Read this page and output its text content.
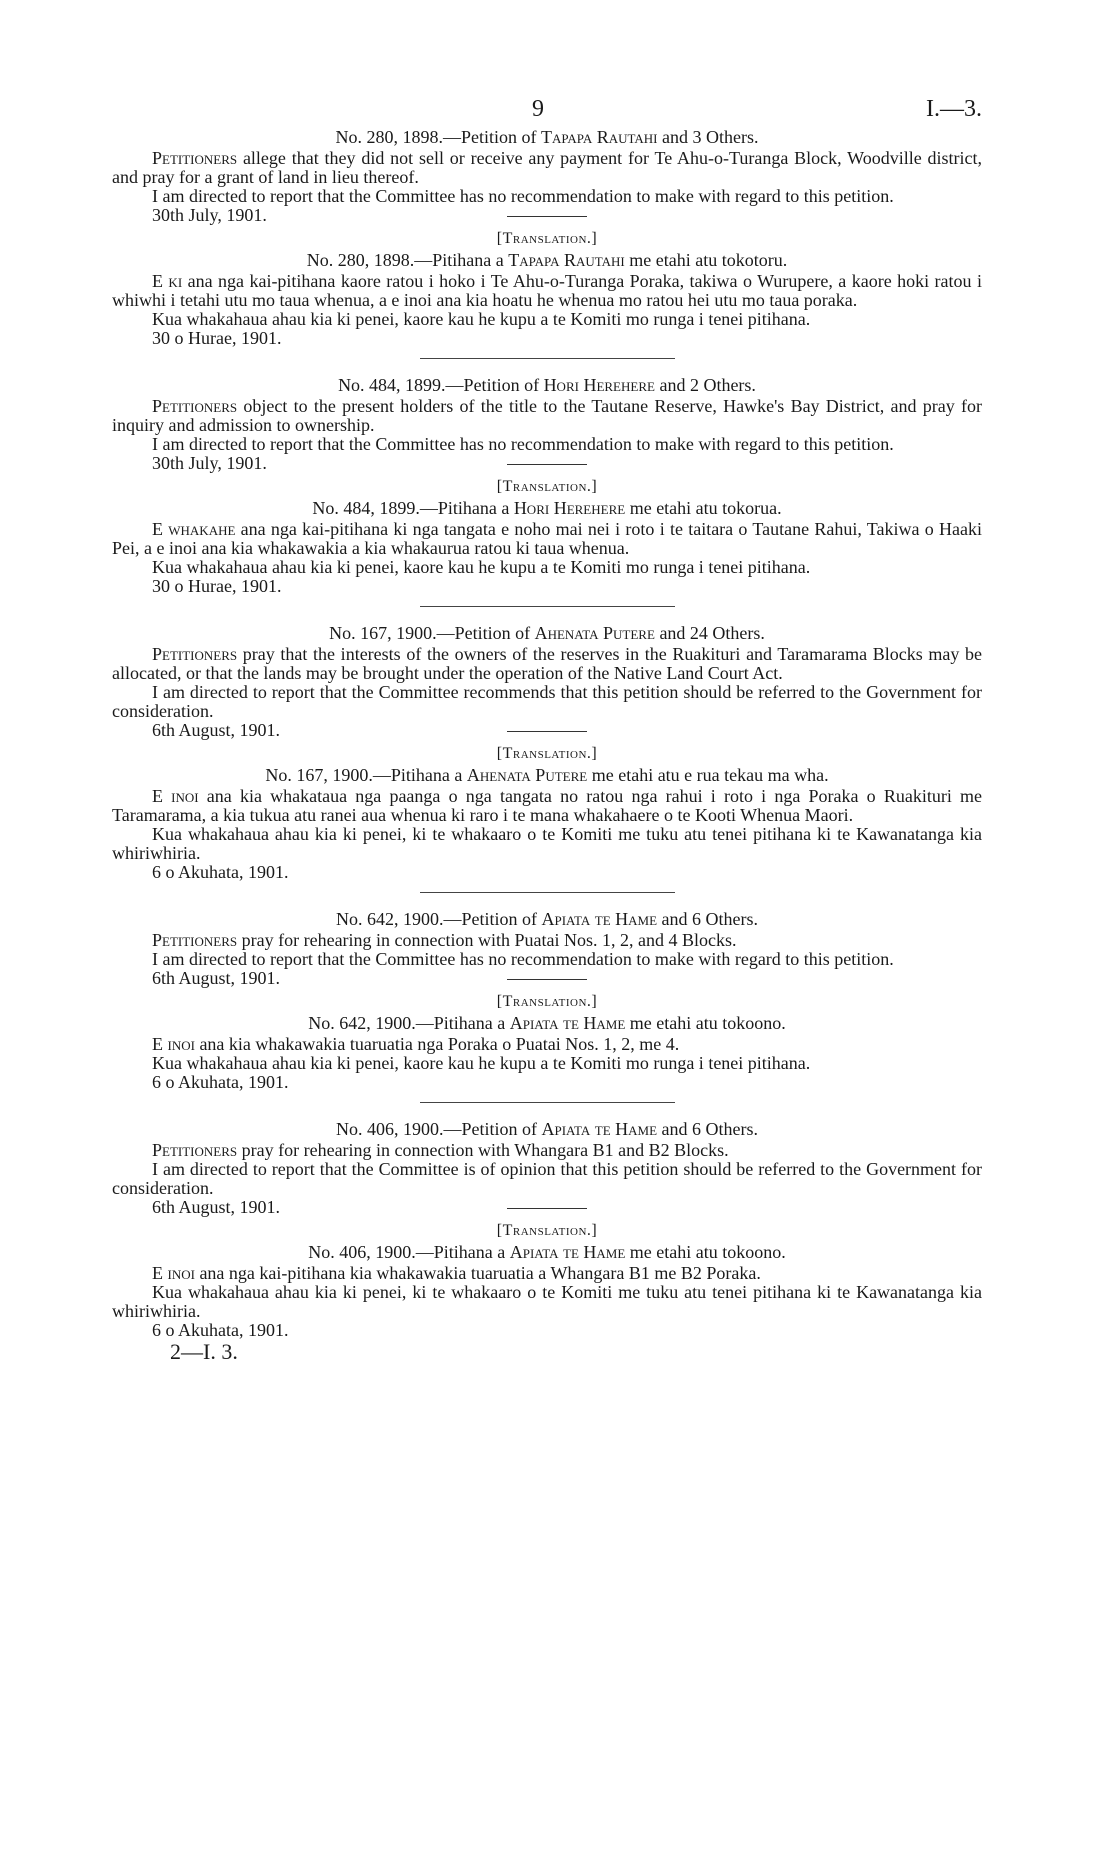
9	I.—3.

No. 280, 1898.—Petition of Tapapa Rautahi and 3 Others.

Petitioners allege that they did not sell or receive any payment for Te Ahu-o-Turanga Block, Woodville district, and pray for a grant of land in lieu thereof.

I am directed to report that the Committee has no recommendation to make with regard to this petition.

30th July, 1901.

[Translation.]

No. 280, 1898.—Pitihana a Tapapa Rautahi me etahi atu tokotoru.

E ki ana nga kai-pitihana kaore ratou i hoko i Te Ahu-o-Turanga Poraka, takiwa o Wurupere, a kaore hoki ratou i whiwhi i tetahi utu mo taua whenua, a e inoi ana kia hoatu he whenua mo ratou hei utu mo taua poraka.

Kua whakahaua ahau kia ki penei, kaore kau he kupu a te Komiti mo runga i tenei pitihana.

30 o Hurae, 1901.

No. 484, 1899.—Petition of Hori Herehere and 2 Others.

Petitioners object to the present holders of the title to the Tautane Reserve, Hawke's Bay District, and pray for inquiry and admission to ownership.

I am directed to report that the Committee has no recommendation to make with regard to this petition.

30th July, 1901.

[Translation.]

No. 484, 1899.—Pitihana a Hori Herehere me etahi atu tokorua.

E whakahe ana nga kai-pitihana ki nga tangata e noho mai nei i roto i te taitara o Tautane Rahui, Takiwa o Haaki Pei, a e inoi ana kia whakawakia a kia whakaurua ratou ki taua whenua.

Kua whakahaua ahau kia ki penei, kaore kau he kupu a te Komiti mo runga i tenei pitihana.

30 o Hurae, 1901.

No. 167, 1900.—Petition of Ahenata Putere and 24 Others.

Petitioners pray that the interests of the owners of the reserves in the Ruakituri and Taramarama Blocks may be allocated, or that the lands may be brought under the operation of the Native Land Court Act.

I am directed to report that the Committee recommends that this petition should be referred to the Government for consideration.

6th August, 1901.

[Translation.]

No. 167, 1900.—Pitihana a Ahenata Putere me etahi atu e rua tekau ma wha.

E inoi ana kia whakataua nga paanga o nga tangata no ratou nga rahui i roto i nga Poraka o Ruakituri me Taramarama, a kia tukua atu ranei aua whenua ki raro i te mana whakahaere o te Kooti Whenua Maori.

Kua whakahaua ahau kia ki penei, ki te whakaaro o te Komiti me tuku atu tenei pitihana ki te Kawanatanga kia whiriwhiria.

6 o Akuhata, 1901.

No. 642, 1900.—Petition of Apiata te Hame and 6 Others.

Petitioners pray for rehearing in connection with Puatai Nos. 1, 2, and 4 Blocks.

I am directed to report that the Committee has no recommendation to make with regard to this petition.

6th August, 1901.

[Translation.]

No. 642, 1900.—Pitihana a Apiata te Hame me etahi atu tokoono.

E inoi ana kia whakawakia tuaruatia nga Poraka o Puatai Nos. 1, 2, me 4.

Kua whakahaua ahau kia ki penei, kaore kau he kupu a te Komiti mo runga i tenei pitihana.

6 o Akuhata, 1901.

No. 406, 1900.—Petition of Apiata te Hame and 6 Others.

Petitioners pray for rehearing in connection with Whangara B1 and B2 Blocks.

I am directed to report that the Committee is of opinion that this petition should be referred to the Government for consideration.

6th August, 1901.

[Translation.]

No. 406, 1900.—Pitihana a Apiata te Hame me etahi atu tokoono.

E inoi ana nga kai-pitihana kia whakawakia tuaruatia a Whangara B1 me B2 Poraka.

Kua whakahaua ahau kia ki penei, ki te whakaaro o te Komiti me tuku atu tenei pitihana ki te Kawanatanga kia whiriwhiria.

6 o Akuhata, 1901.

2—I. 3.
